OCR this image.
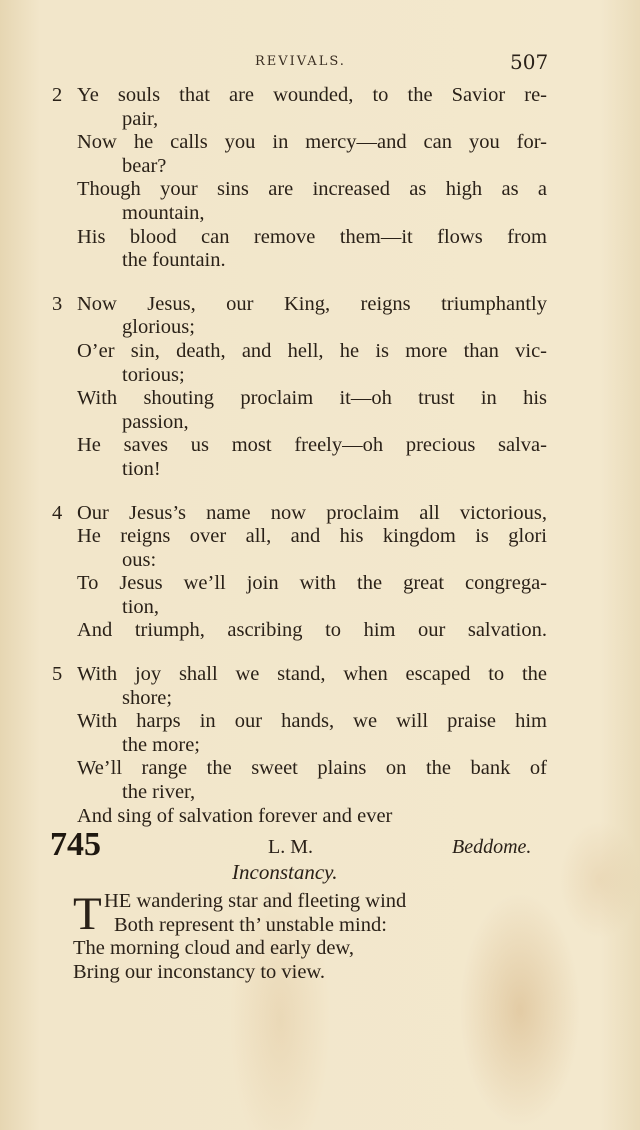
REVIVALS.	507
2 Ye souls that are wounded, to the Savior re-
pair,
Now he calls you in mercy—and can you for-
bear?
Though your sins are increased as high as a
mountain,
His blood can remove them—it flows from
the fountain.
3 Now Jesus, our King, reigns triumphantly
glorious;
O’er sin, death, and hell, he is more than vic-
torious;
With shouting proclaim it—oh trust in his
passion,
He saves us most freely—oh precious salva-
tion!
4 Our Jesus’s name now proclaim all victorious,
He reigns over all, and his kingdom is glori
ous:
To Jesus we’ll join with the great congrega-
tion,
And triumph, ascribing to him our salvation.
5 With joy shall we stand, when escaped to the
shore;
With harps in our hands, we will praise him
the more;
We’ll range the sweet plains on the bank of
the river,
And sing of salvation forever and ever
745	L. M.	Beddome.
Inconstancy.
T HE wandering star and fleeting wind
Both represent th’ unstable mind:
The morning cloud and early dew,
Bring our inconstancy to view.
